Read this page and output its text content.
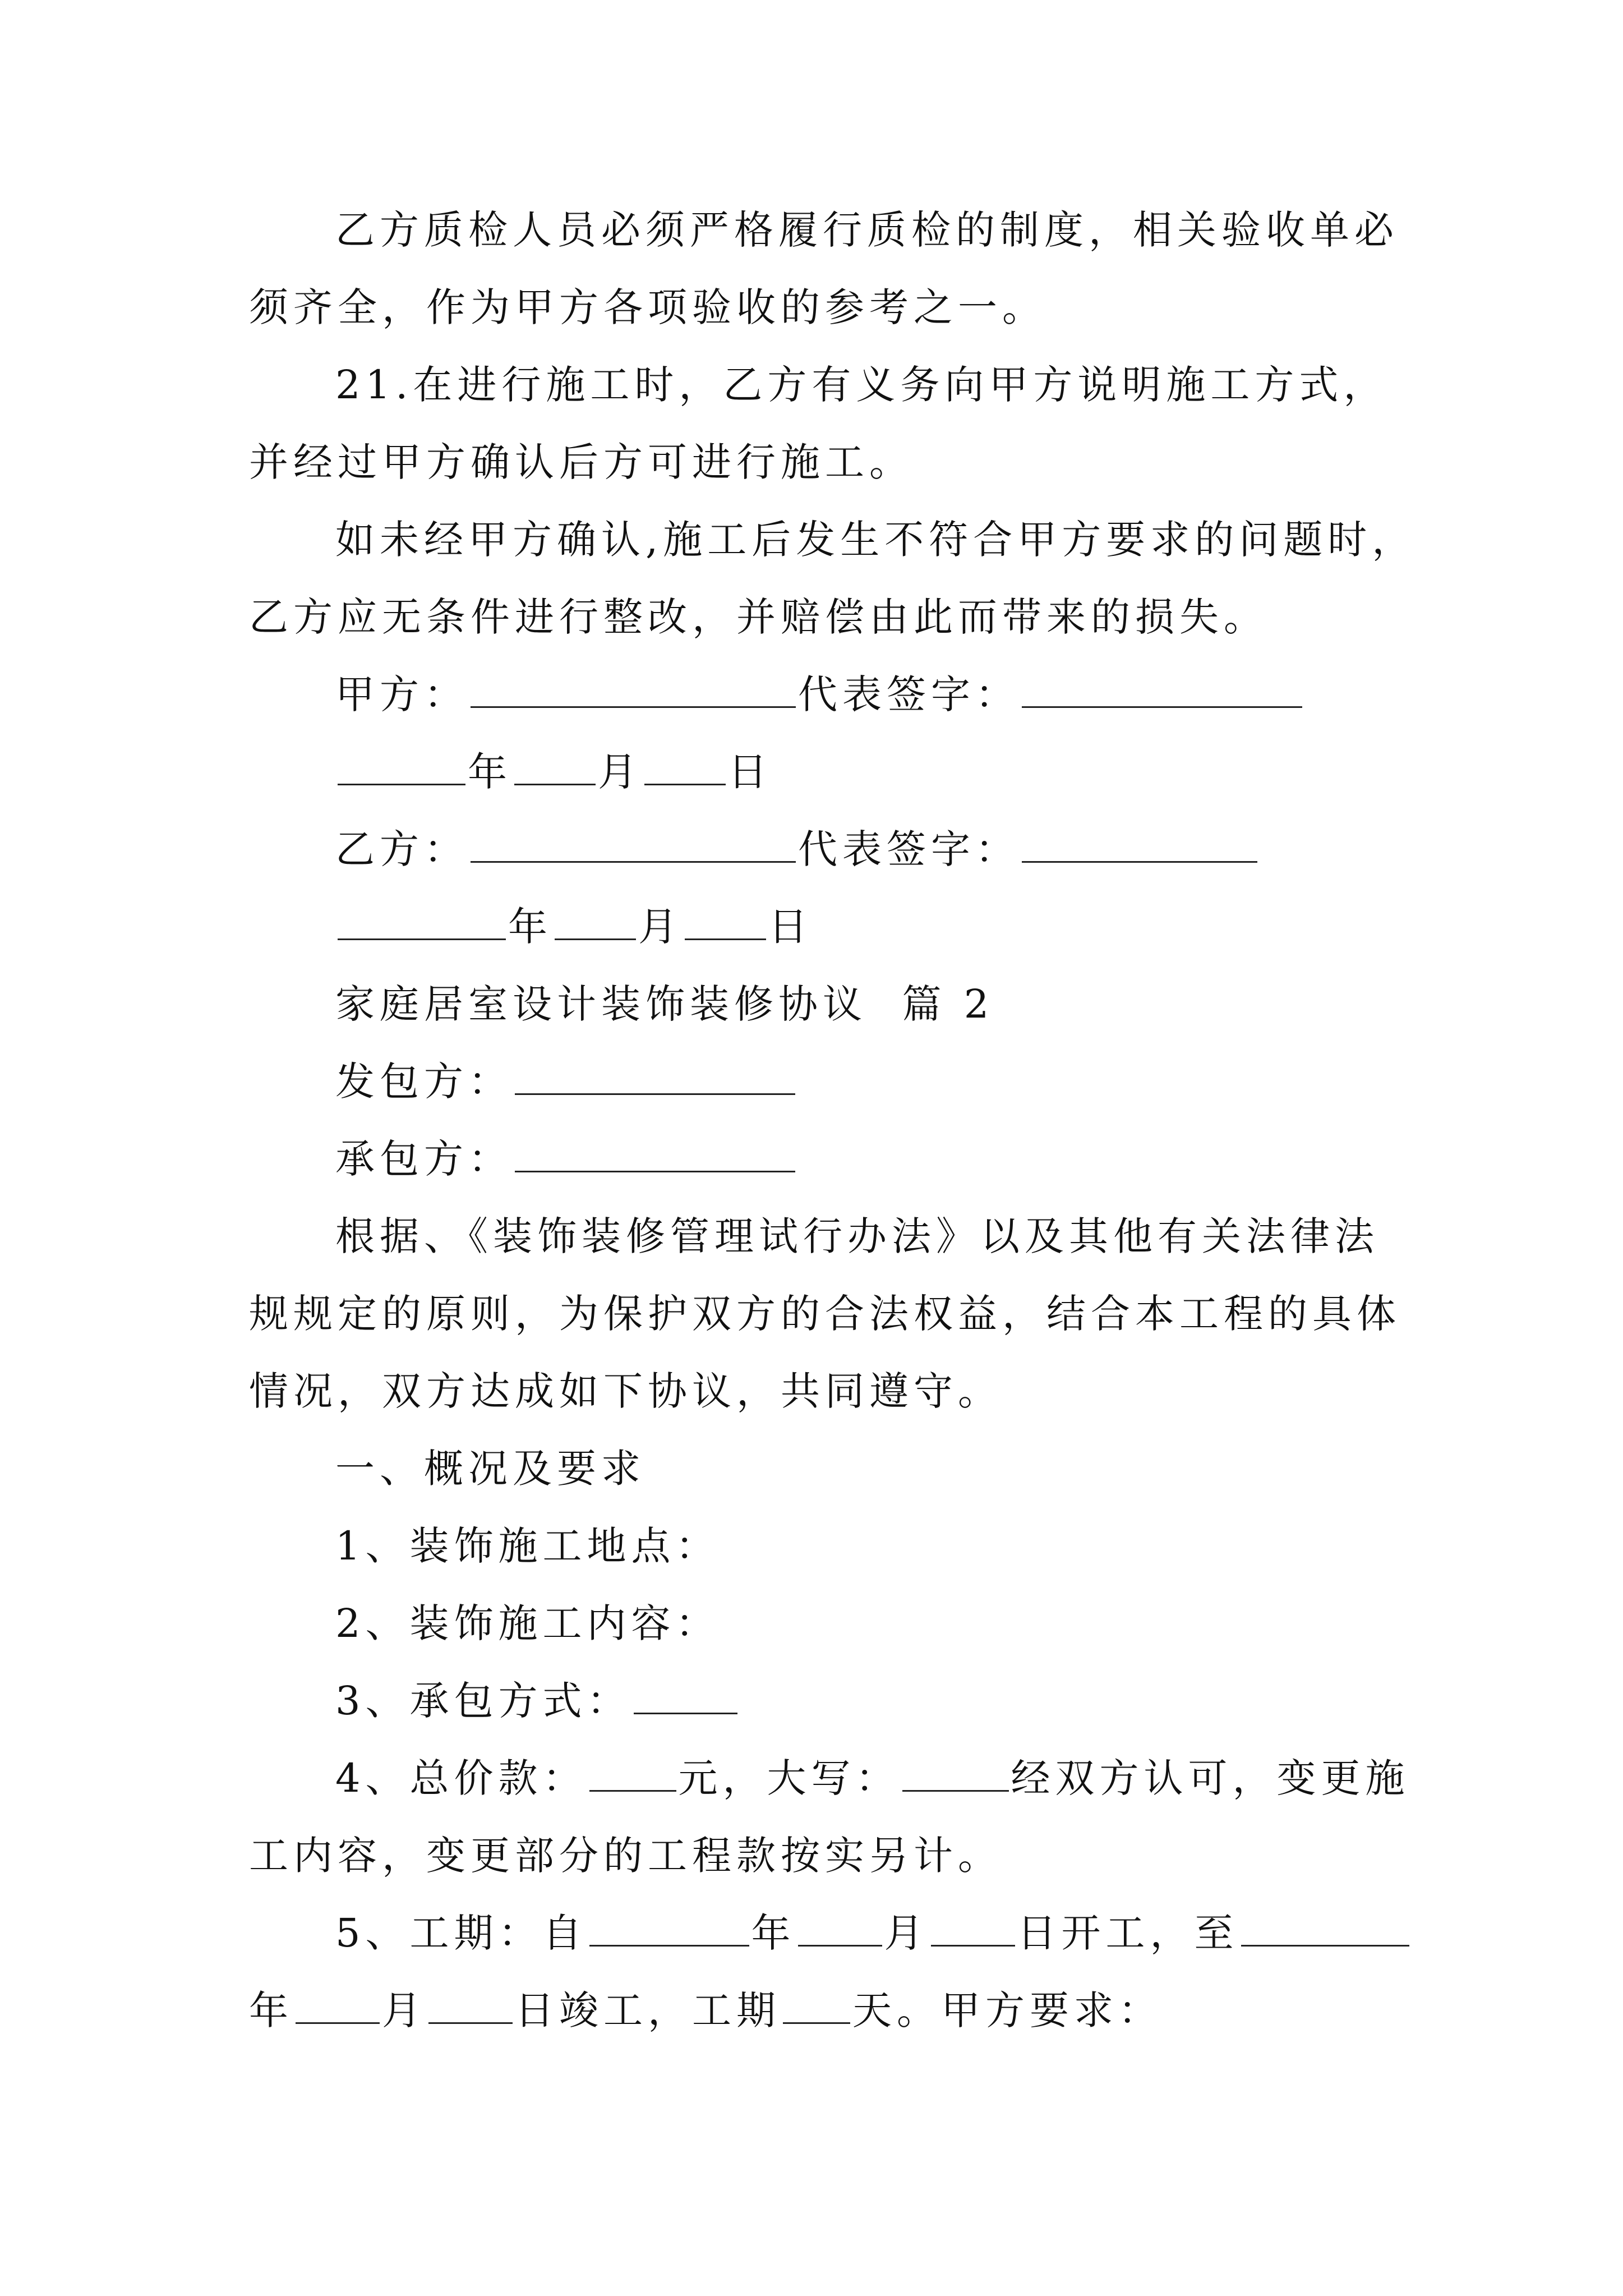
乙方质检人员必须严格履行质检的制度，相关验收单必
须齐全，作为甲方各项验收的参考之一。
21.在进行施工时，乙方有义务向甲方说明施工方式，
并经过甲方确认后方可进行施工。
如未经甲方确认,施工后发生不符合甲方要求的问题时，
乙方应无条件进行整改，并赔偿由此而带来的损失。
甲方：	代表签字：
年 月 日
乙方：	代表签字：
年 月 日
家庭居室设计装饰装修协议  篇 2
发包方：
承包方：
根据、《装饰装修管理试行办法》以及其他有关法律法
规规定的原则，为保护双方的合法权益，结合本工程的具体
情况，双方达成如下协议，共同遵守。
一、概况及要求
1、装饰施工地点：
2、装饰施工内容：
3、承包方式：
4、总价款： 元，大写：	经双方认可，变更施
工内容，变更部分的工程款按实另计。
5、工期：自	年 月 日开工，至
年 月 日竣工，工期 天。甲方要求：
